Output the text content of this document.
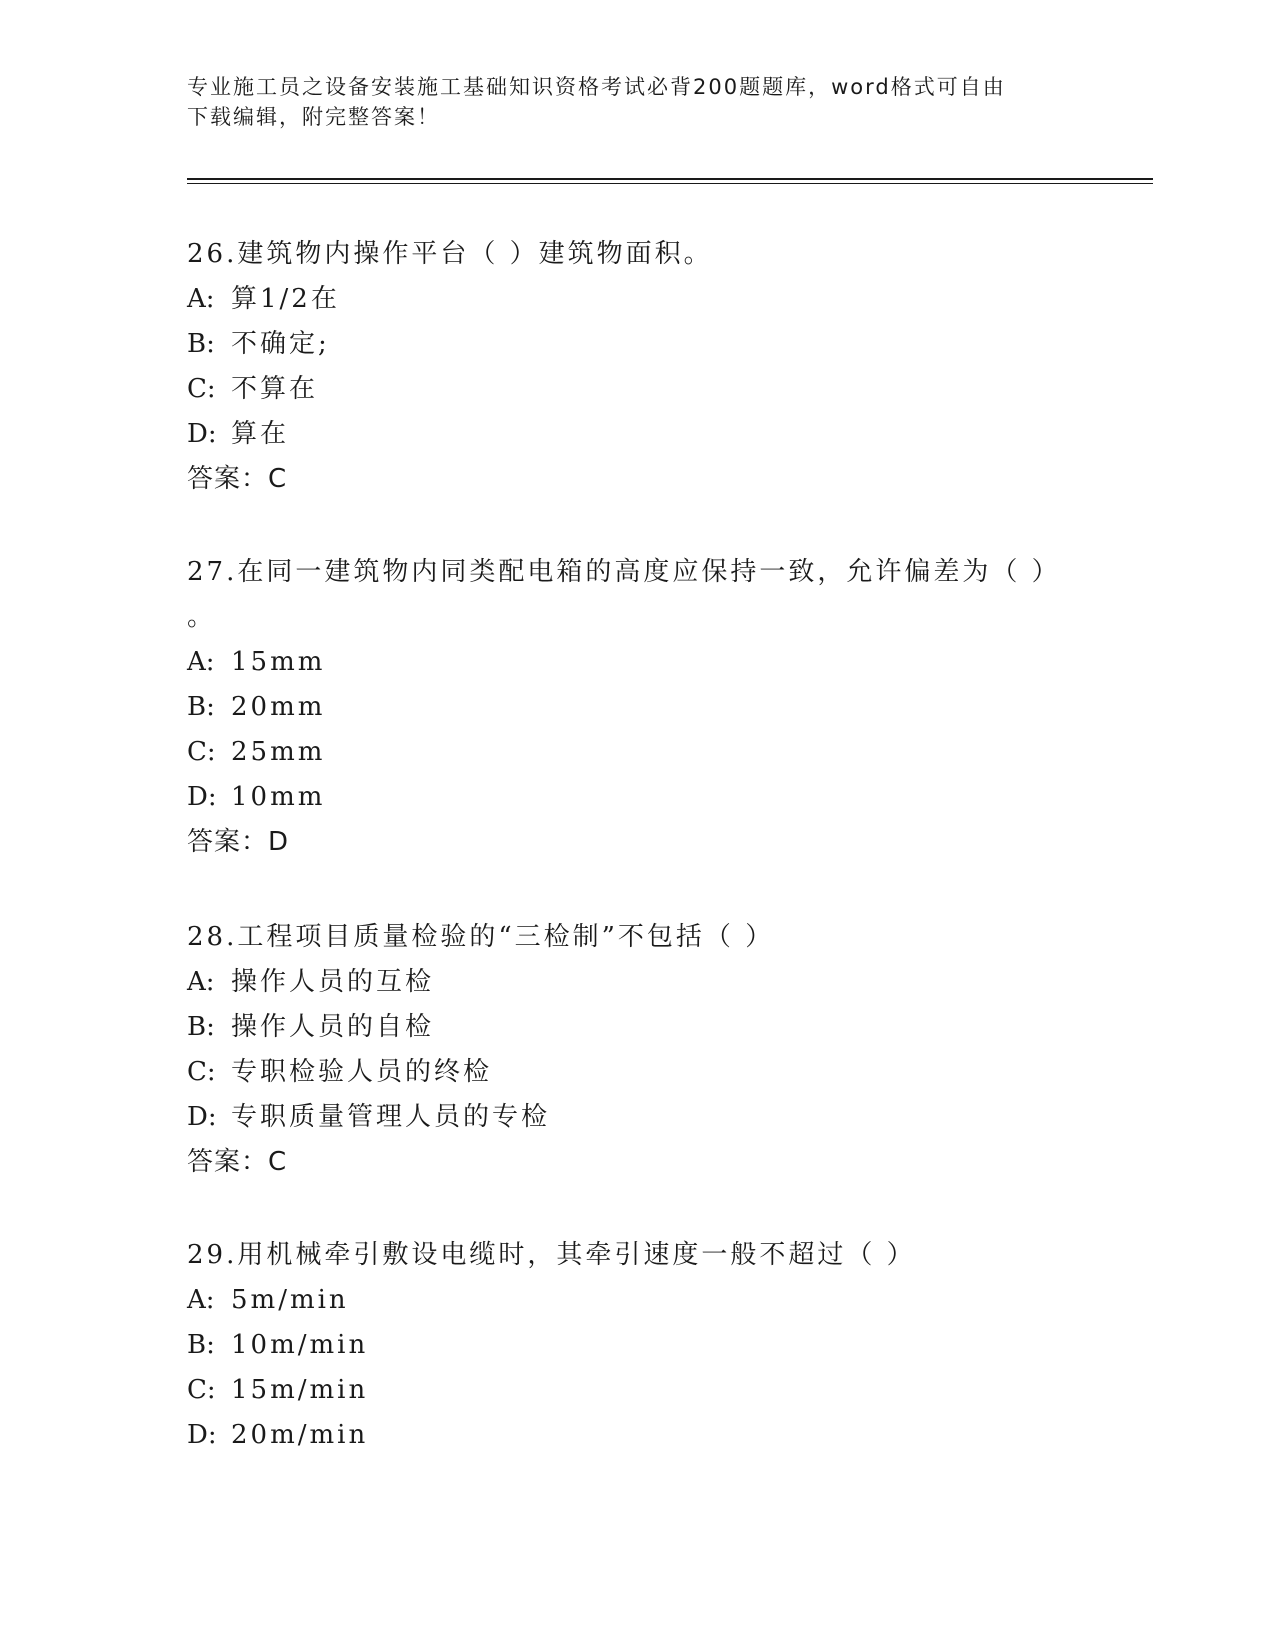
专业施工员之设备安装施工基础知识资格考试必背200题题库，word格式可自由
下载编辑，附完整答案！
26.建筑物内操作平台（ ）建筑物面积。
A: 算1/2在
B: 不确定;
C: 不算在
D: 算在
答案：C
27.在同一建筑物内同类配电箱的高度应保持一致，允许偏差为（ ）
。
A: 15mm
B: 20mm
C: 25mm
D: 10mm
答案：D
28.工程项目质量检验的“三检制”不包括（ ）
A: 操作人员的互检
B: 操作人员的自检
C: 专职检验人员的终检
D: 专职质量管理人员的专检
答案：C
29.用机械牵引敷设电缆时，其牵引速度一般不超过（ ）
A: 5m/min
B: 10m/min
C: 15m/min
D: 20m/min
